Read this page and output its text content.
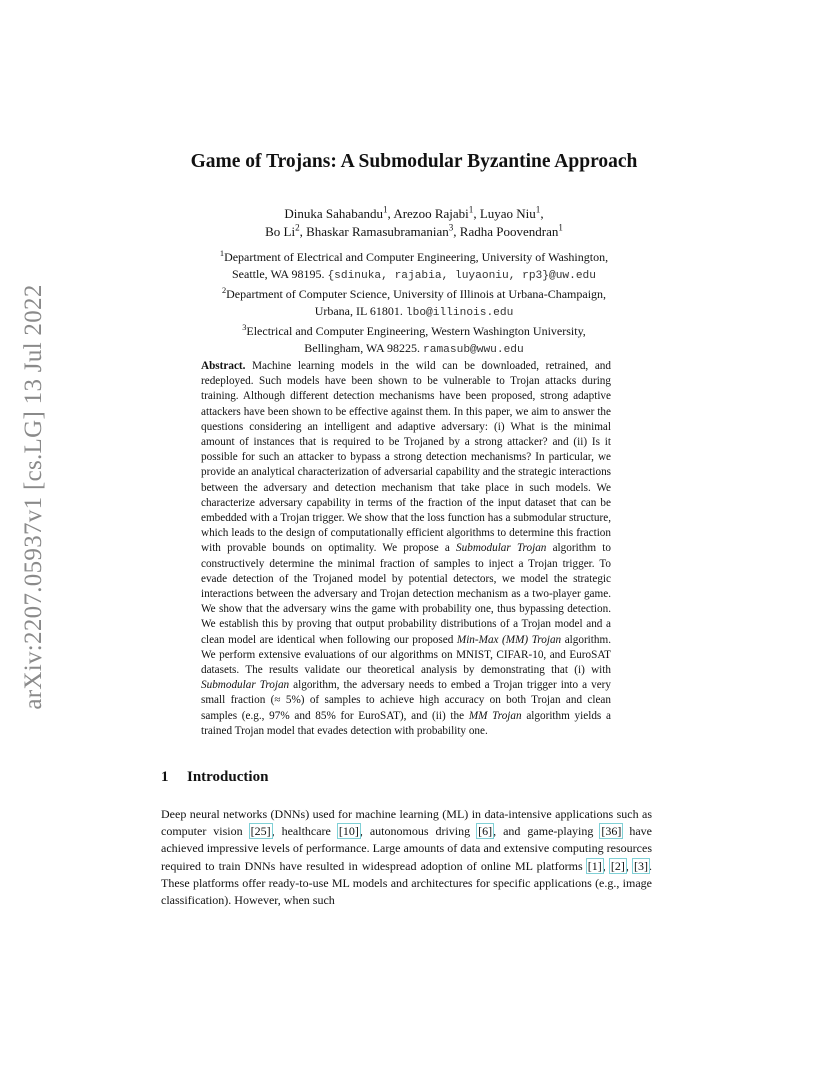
arXiv:2207.05937v1 [cs.LG] 13 Jul 2022
Game of Trojans: A Submodular Byzantine Approach
Dinuka Sahabandu$^1$, Arezoo Rajabi$^1$, Luyao Niu$^1$,
Bo Li$^2$, Bhaskar Ramasubramanian$^3$, Radha Poovendran$^1$
$^1$Department of Electrical and Computer Engineering, University of Washington,
Seattle, WA 98195. {sdinuka, rajabia, luyaoniu, rp3}@uw.edu
$^2$Department of Computer Science, University of Illinois at Urbana-Champaign,
Urbana, IL 61801. lbo@illinois.edu
$^3$Electrical and Computer Engineering, Western Washington University,
Bellingham, WA 98225. ramasub@wwu.edu
Abstract. Machine learning models in the wild can be downloaded, retrained, and redeployed. Such models have been shown to be vulnerable to Trojan attacks during training. Although different detection mechanisms have been proposed, strong adaptive attackers have been shown to be effective against them. In this paper, we aim to answer the questions considering an intelligent and adaptive adversary: (i) What is the minimal amount of instances that is required to be Trojaned by a strong attacker? and (ii) Is it possible for such an attacker to bypass a strong detection mechanisms? In particular, we provide an analytical characterization of adversarial capability and the strategic interactions between the adversary and detection mechanism that take place in such models. We characterize adversary capability in terms of the fraction of the input dataset that can be embedded with a Trojan trigger. We show that the loss function has a submodular structure, which leads to the design of computationally efficient algorithms to determine this fraction with provable bounds on optimality. We propose a Submodular Trojan algorithm to constructively determine the minimal fraction of samples to inject a Trojan trigger. To evade detection of the Trojaned model by potential detectors, we model the strategic interactions between the adversary and Trojan detection mechanism as a two-player game. We show that the adversary wins the game with probability one, thus bypassing detection. We establish this by proving that output probability distributions of a Trojan model and a clean model are identical when following our proposed Min-Max (MM) Trojan algorithm. We perform extensive evaluations of our algorithms on MNIST, CIFAR-10, and EuroSAT datasets. The results validate our theoretical analysis by demonstrating that (i) with Submodular Trojan algorithm, the adversary needs to embed a Trojan trigger into a very small fraction (≈ 5%) of samples to achieve high accuracy on both Trojan and clean samples (e.g., 97% and 85% for EuroSAT), and (ii) the MM Trojan algorithm yields a trained Trojan model that evades detection with probability one.
1 Introduction
Deep neural networks (DNNs) used for machine learning (ML) in data-intensive applications such as computer vision [25], healthcare [10], autonomous driving [6], and game-playing [36] have achieved impressive levels of performance. Large amounts of data and extensive computing resources required to train DNNs have resulted in widespread adoption of online ML platforms [1], [2], [3]. These platforms offer ready-to-use ML models and architectures for specific applications (e.g., image classification). However, when such
